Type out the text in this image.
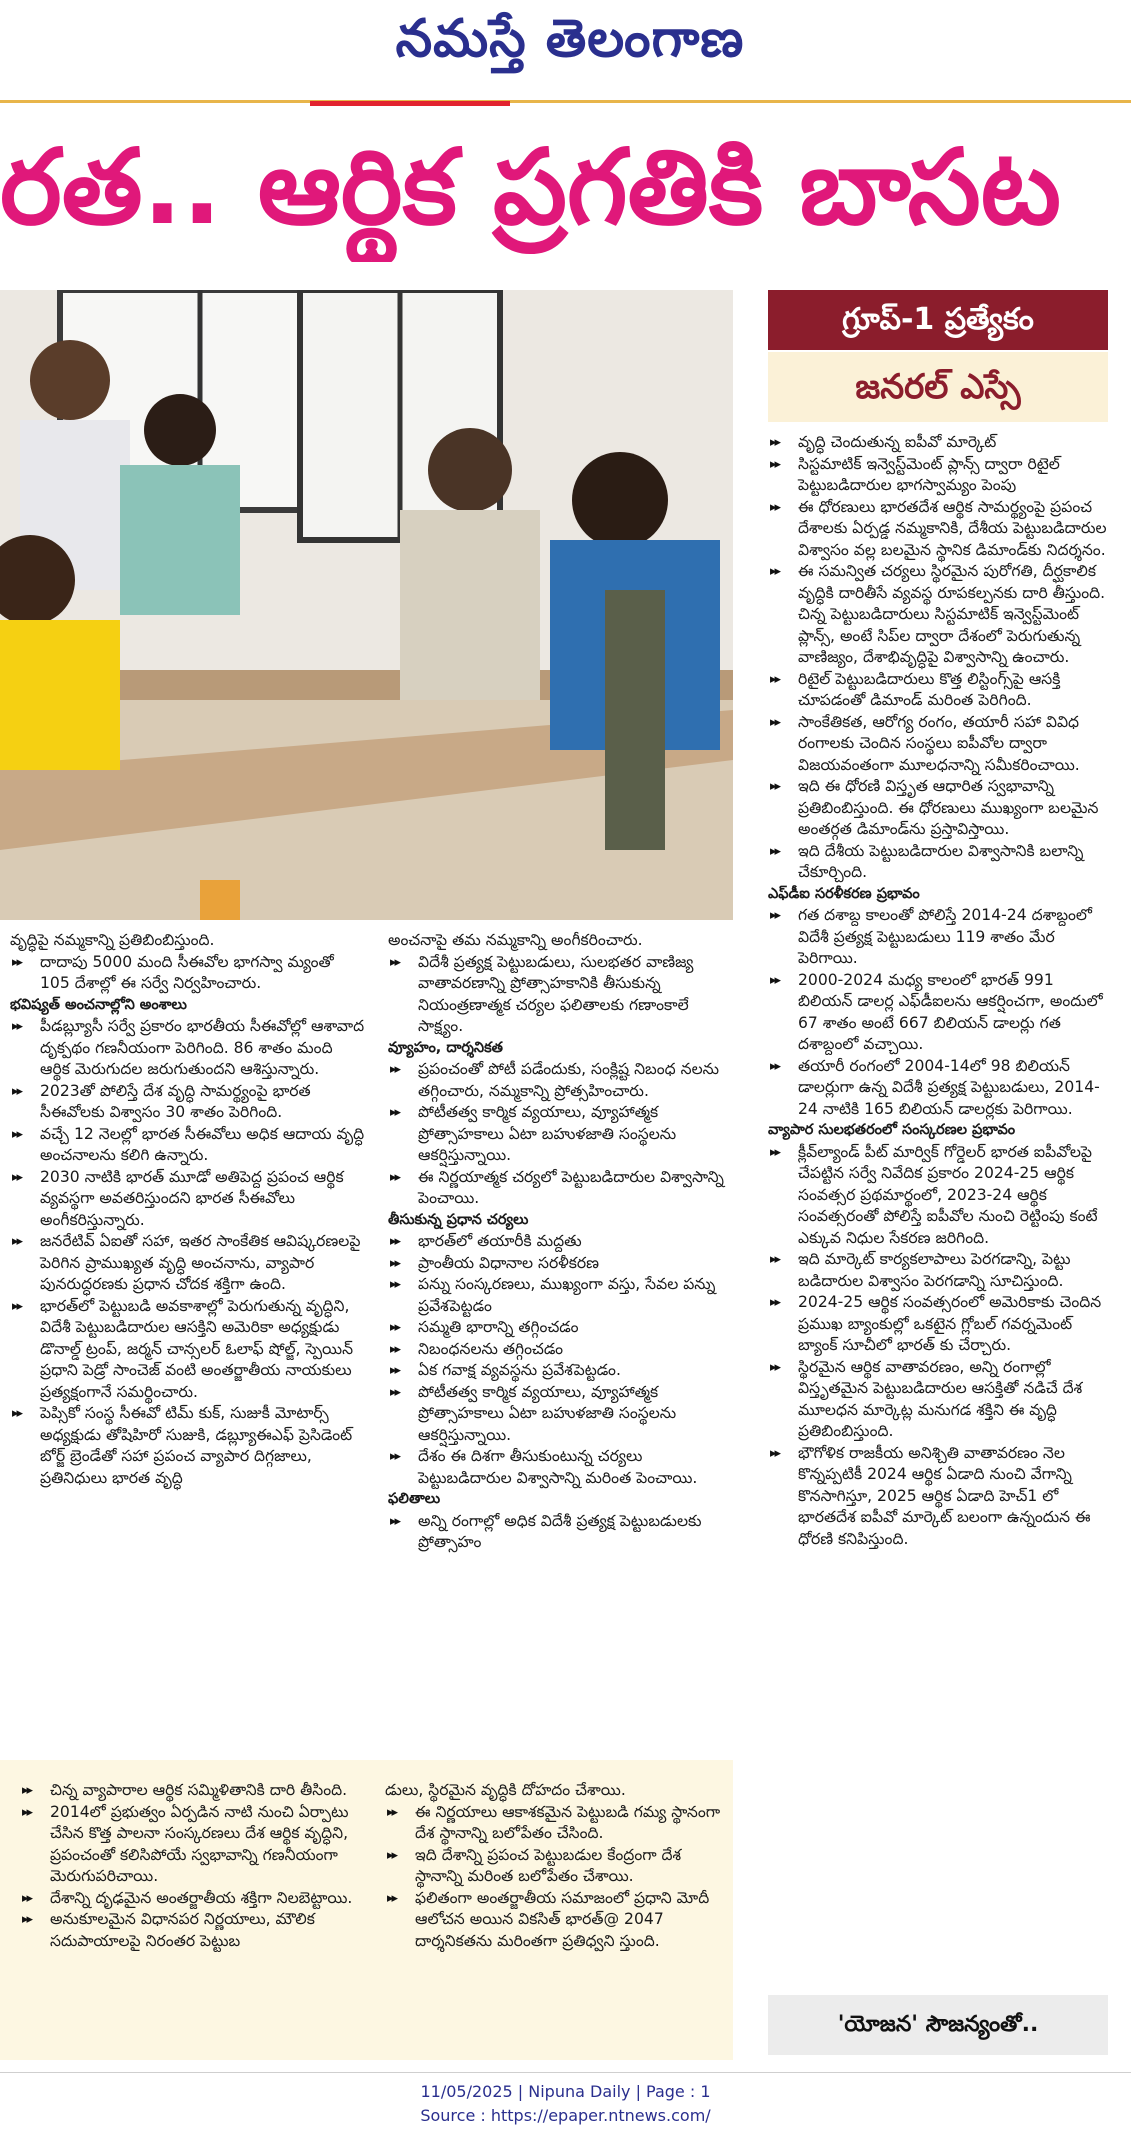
నమస్తే తెలంగాణ
రత.. ఆర్థిక ప్రగతికి బాసట
గ్రూప్-1 ప్రత్యేకం
జనరల్ ఎస్సే

వృద్ధిపై నమ్మకాన్ని ప్రతిబింబిస్తుంది.

▸▸ దాదాపు 5000 మంది సీఈవోల భాగస్వా మ్యంతో 105 దేశాల్లో ఈ సర్వే నిర్వహించారు.

భవిష్యత్ అంచనాల్లోని అంశాలు

▸▸ పీడబ్ల్యూసీ సర్వే ప్రకారం భారతీయ సీఈవోల్లో ఆశావాద దృక్పథం గణనీయంగా పెరిగింది. 86 శాతం మంది ఆర్థిక మెరుగుదల జరుగుతుందని ఆశిస్తున్నారు.

▸▸ 2023తో పోలిస్తే దేశ వృద్ధి సామర్థ్యంపై భారత సీఈవోలకు విశ్వాసం 30 శాతం పెరిగింది.

▸▸ వచ్చే 12 నెలల్లో భారత సీఈవోలు అధిక ఆదాయ వృద్ధి అంచనాలను కలిగి ఉన్నారు.

▸▸ 2030 నాటికి భారత్ మూడో అతిపెద్ద ప్రపంచ ఆర్థిక వ్యవస్థగా అవతరిస్తుందని భారత సీఈవోలు అంగీకరిస్తున్నారు.

▸▸ జనరేటివ్ ఏఐతో సహా, ఇతర సాంకేతిక ఆవిష్కరణలపై పెరిగిన ప్రాముఖ్యత వృద్ధి అంచనాను, వ్యాపార పునరుద్ధరణకు ప్రధాన చోదక శక్తిగా ఉంది.

▸▸ భారత్‌లో పెట్టుబడి అవకాశాల్లో పెరుగుతున్న వృద్ధిని, విదేశీ పెట్టుబడిదారుల ఆసక్తిని అమెరికా అధ్యక్షుడు డొనాల్డ్ ట్రంప్, జర్మన్ చాన్సలర్ ఓలాఫ్ షోల్జ్, స్పెయిన్ ప్రధాని పెడ్రో సాంచెజ్ వంటి అంతర్జాతీయ నాయకులు ప్రత్యక్షంగానే సమర్థించారు.

▸▸ పెప్సికో సంస్థ సీఈవో టిమ్ కుక్, సుజుకీ మోటార్స్ అధ్యక్షుడు తోషిహిరో సుజుకి, డబ్ల్యూఈఎఫ్ ప్రెసిడెంట్ బోర్జ్ బ్రెండేతో సహా ప్రపంచ వ్యాపార దిగ్గజాలు, ప్రతినిధులు భారత వృద్ధి

అంచనాపై తమ నమ్మకాన్ని అంగీకరించారు.

▸▸ విదేశీ ప్రత్యక్ష పెట్టుబడులు, సులభతర వాణిజ్య వాతావరణాన్ని ప్రోత్సాహకానికి తీసుకున్న నియంత్రణాత్మక చర్యల ఫలితాలకు గణాంకాలే సాక్ష్యం.

వ్యూహం, దార్శనికత

▸▸ ప్రపంచంతో పోటీ పడేందుకు, సంక్లిష్ట నిబంధ నలను తగ్గించారు, నమ్మకాన్ని ప్రోత్సహించారు.

▸▸ పోటీతత్వ కార్మిక వ్యయాలు, వ్యూహాత్మక ప్రోత్సాహకాలు ఏటా బహుళజాతి సంస్థలను ఆకర్షిస్తున్నాయి.

▸▸ ఈ నిర్ణయాత్మక చర్యలో పెట్టుబడిదారుల విశ్వాసాన్ని పెంచాయి.

తీసుకున్న ప్రధాన చర్యలు

▸▸ భారత్‌లో తయారీకి మద్దతు

▸▸ ప్రాంతీయ విధానాల సరళీకరణ

▸▸ పన్ను సంస్కరణలు, ముఖ్యంగా వస్తు, సేవల పన్ను ప్రవేశపెట్టడం

▸▸ సమ్మతి భారాన్ని తగ్గించడం

▸▸ నిబంధనలను తగ్గించడం

▸▸ ఏక గవాక్ష వ్యవస్థను ప్రవేశపెట్టడం.

▸▸ పోటీతత్వ కార్మిక వ్యయాలు, వ్యూహాత్మక ప్రోత్సాహకాలు ఏటా బహుళజాతి సంస్థలను ఆకర్షిస్తున్నాయి.

▸▸ దేశం ఈ దిశగా తీసుకుంటున్న చర్యలు పెట్టుబడిదారుల విశ్వాసాన్ని మరింత పెంచాయి.

ఫలితాలు

▸▸ అన్ని రంగాల్లో అధిక విదేశీ ప్రత్యక్ష పెట్టుబడులకు ప్రోత్సాహం

▸▸ వృద్ధి చెందుతున్న ఐపీవో మార్కెట్

▸▸ సిస్టమాటిక్ ఇన్వెస్ట్‌మెంట్ ప్లాన్స్ ద్వారా రిటైల్ పెట్టుబడిదారుల భాగస్వామ్యం పెంపు

▸▸ ఈ ధోరణులు భారతదేశ ఆర్థిక సామర్థ్యంపై ప్రపంచ దేశాలకు ఏర్పడ్డ నమ్మకానికి, దేశీయ పెట్టుబడిదారుల విశ్వాసం వల్ల బలమైన స్థానిక డిమాండ్‌కు నిదర్శనం.

▸▸ ఈ సమన్విత చర్యలు స్థిరమైన పురోగతి, దీర్ఘకాలిక వృద్ధికి దారితీసే వ్యవస్థ రూపకల్పనకు దారి తీస్తుంది. చిన్న పెట్టుబడిదారులు సిస్టమాటిక్ ఇన్వెస్ట్‌మెంట్ ప్లాన్స్, అంటే సిప్‌ల ద్వారా దేశంలో పెరుగుతున్న వాణిజ్యం, దేశాభివృద్ధిపై విశ్వాసాన్ని ఉంచారు.

▸▸ రిటైల్ పెట్టుబడిదారులు కొత్త లిస్టింగ్స్‌పై ఆసక్తి చూపడంతో డిమాండ్ మరింత పెరిగింది.

▸▸ సాంకేతికత, ఆరోగ్య రంగం, తయారీ సహా వివిధ రంగాలకు చెందిన సంస్థలు ఐపీవోల ద్వారా విజయవంతంగా మూలధనాన్ని సమీకరించాయి.

▸▸ ఇది ఈ ధోరణి విస్తృత ఆధారిత స్వభావాన్ని ప్రతిబింబిస్తుంది. ఈ ధోరణులు ముఖ్యంగా బలమైన అంతర్గత డిమాండ్‌ను ప్రస్తావిస్తాయి.

▸▸ ఇది దేశీయ పెట్టుబడిదారుల విశ్వాసానికి బలాన్ని చేకూర్చింది.

ఎఫ్‌డీఐ సరళీకరణ ప్రభావం

▸▸ గత దశాబ్ద కాలంతో పోలిస్తే 2014-24 దశాబ్దంలో విదేశీ ప్రత్యక్ష పెట్టుబడులు 119 శాతం మేర పెరిగాయి.

▸▸ 2000-2024 మధ్య కాలంలో భారత్ 991 బిలియన్ డాలర్ల ఎఫ్‌డీఐలను ఆకర్షించగా, అందులో 67 శాతం అంటే 667 బిలియన్ డాలర్లు గత దశాబ్దంలో వచ్చాయి.

▸▸ తయారీ రంగంలో 2004-14లో 98 బిలియన్ డాలర్లుగా ఉన్న విదేశీ ప్రత్యక్ష పెట్టుబడులు, 2014-24 నాటికి 165 బిలియన్ డాలర్లకు పెరిగాయి.

వ్యాపార సులభతరంలో సంస్కరణల ప్రభావం

▸▸ క్లీవ్‌ల్యాండ్ పీట్ మార్విక్ గోర్డెలర్ భారత ఐపీవోలపై చేపట్టిన సర్వే నివేదిక ప్రకారం 2024-25 ఆర్థిక సంవత్సర ప్రథమార్థంలో, 2023-24 ఆర్థిక సంవత్సరంతో పోలిస్తే ఐపీవోల నుంచి రెట్టింపు కంటే ఎక్కువ నిధుల సేకరణ జరిగింది.

▸▸ ఇది మార్కెట్ కార్యకలాపాలు పెరగడాన్ని, పెట్టు బడిదారుల విశ్వాసం పెరగడాన్ని సూచిస్తుంది.

▸▸ 2024-25 ఆర్థిక సంవత్సరంలో అమెరికాకు చెందిన ప్రముఖ బ్యాంకుల్లో ఒకటైన గ్లోబల్ గవర్నమెంట్ బ్యాంక్ సూచీలో భారత్ కు చేర్చారు.

▸▸ స్థిరమైన ఆర్థిక వాతావరణం, అన్ని రంగాల్లో విస్తృతమైన పెట్టుబడిదారుల ఆసక్తితో నడిచే దేశ మూలధన మార్కెట్ల మనుగడ శక్తిని ఈ వృద్ధి ప్రతిబింబిస్తుంది.

▸▸ భౌగోళిక రాజకీయ అనిశ్చితి వాతావరణం నెల కొన్నప్పటికీ 2024 ఆర్థిక ఏడాది నుంచి వేగాన్ని కొనసాగిస్తూ, 2025 ఆర్థిక ఏడాది హెచ్1 లో భారతదేశ ఐపీవో మార్కెట్ బలంగా ఉన్నందున ఈ ధోరణి కనిపిస్తుంది.

▸▸ చిన్న వ్యాపారాల ఆర్థిక సమ్మిళితానికి దారి తీసింది.

▸▸ 2014లో ప్రభుత్వం ఏర్పడిన నాటి నుంచి ఏర్పాటు చేసిన కొత్త పాలనా సంస్కరణలు దేశ ఆర్థిక వృద్ధిని, ప్రపంచంతో కలిసిపోయే స్వభావాన్ని గణనీయంగా మెరుగుపరిచాయి.

▸▸ దేశాన్ని దృఢమైన అంతర్జాతీయ శక్తిగా నిలబెట్టాయి.

▸▸ అనుకూలమైన విధానపర నిర్ణయాలు, మౌలిక సదుపాయాలపై నిరంతర పెట్టుబ

డులు, స్థిరమైన వృద్ధికి దోహదం చేశాయి.

▸▸ ఈ నిర్ణయాలు ఆకాశకమైన పెట్టుబడి గమ్య స్థానంగా దేశ స్థానాన్ని బలోపేతం చేసింది.

▸▸ ఇది దేశాన్ని ప్రపంచ పెట్టుబడుల కేంద్రంగా దేశ స్థానాన్ని మరింత బలోపేతం చేశాయి.

▸▸ ఫలితంగా అంతర్జాతీయ సమాజంలో ప్రధాని మోదీ ఆలోచన అయిన వికసిత్ భారత్@ 2047 దార్శనికతను మరింతగా ప్రతిధ్వని స్తుంది.

'యోజన' సౌజన్యంతో..
11/05/2025 | Nipuna Daily | Page : 1
Source : https://epaper.ntnews.com/
